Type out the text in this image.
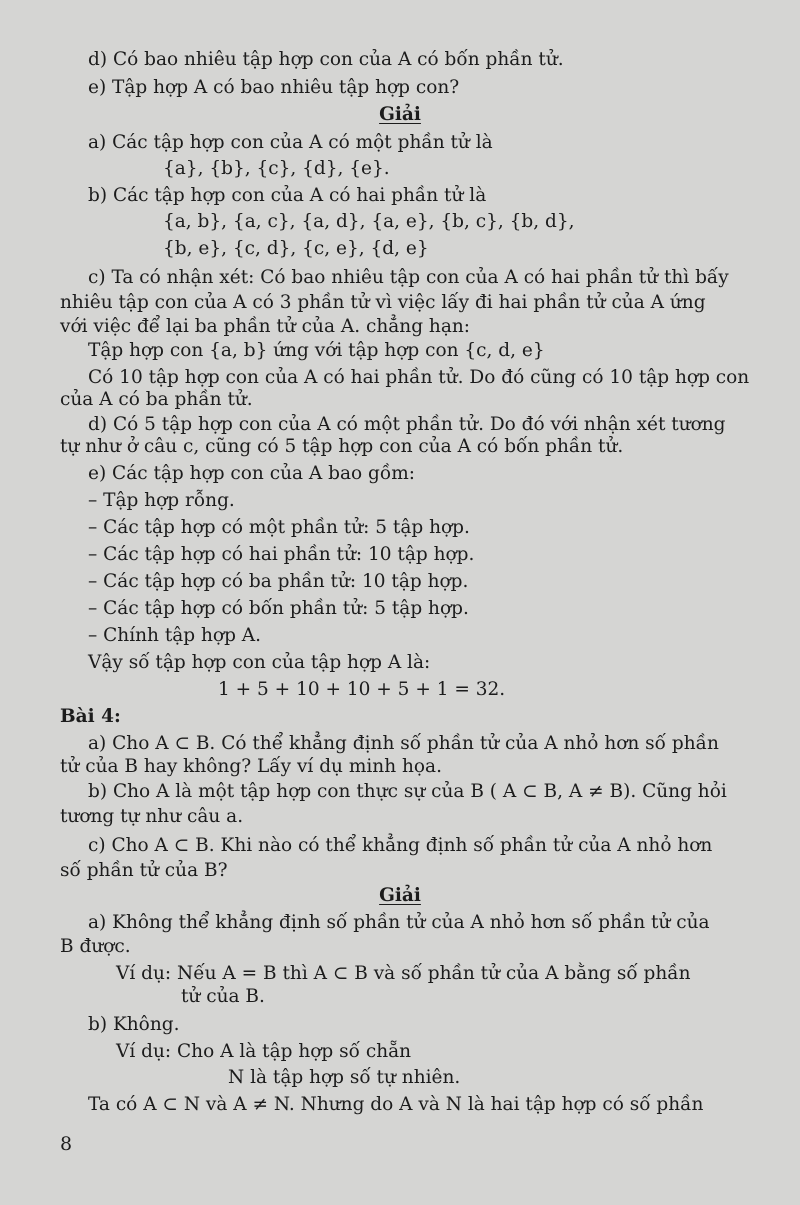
d) Có bao nhiêu tập hợp con của A có bốn phần tử.
e) Tập hợp A có bao nhiêu tập hợp con?
Giải
a) Các tập hợp con của A có một phần tử là
{a}, {b}, {c}, {d}, {e}.
b) Các tập hợp con của A có hai phần tử là
{a, b}, {a, c}, {a, d}, {a, e}, {b, c}, {b, d},
{b, e}, {c, d}, {c, e}, {d, e}
c) Ta có nhận xét: Có bao nhiêu tập con của A có hai phần tử thì bấy
nhiêu tập con của A có 3 phần tử vì việc lấy đi hai phần tử của A ứng
với việc để lại ba phần tử của A. chẳng hạn:
Tập hợp con {a, b} ứng với tập hợp con {c, d, e}
Có 10 tập hợp con của A có hai phần tử. Do đó cũng có 10 tập hợp con
của A có ba phần tử.
d) Có 5 tập hợp con của A có một phần tử. Do đó với nhận xét tương
tự như ở câu c, cũng có 5 tập hợp con của A có bốn phần tử.
e) Các tập hợp con của A bao gồm:
– Tập hợp rỗng.
– Các tập hợp có một phần tử: 5 tập hợp.
– Các tập hợp có hai phần tử: 10 tập hợp.
– Các tập hợp có ba phần tử: 10 tập hợp.
– Các tập hợp có bốn phần tử: 5 tập hợp.
– Chính tập hợp A.
Vậy số tập hợp con của tập hợp A là:
1 + 5 + 10 + 10 + 5 + 1 = 32.
Bài 4:
a) Cho A ⊂ B. Có thể khẳng định số phần tử của A nhỏ hơn số phần
tử của B hay không? Lấy ví dụ minh họa.
b) Cho A là một tập hợp con thực sự của B ( A ⊂ B, A ≠ B). Cũng hỏi
tương tự như câu a.
c) Cho A ⊂ B. Khi nào có thể khẳng định số phần tử của A nhỏ hơn
số phần tử của B?
Giải
a) Không thể khẳng định số phần tử của A nhỏ hơn số phần tử của
B được.
Ví dụ: Nếu A = B thì A ⊂ B và số phần tử của A bằng số phần
tử của B.
b) Không.
Ví dụ: Cho A là tập hợp số chẵn
N là tập hợp số tự nhiên.
Ta có A ⊂ N và A ≠ N. Nhưng do A và N là hai tập hợp có số phần
8
